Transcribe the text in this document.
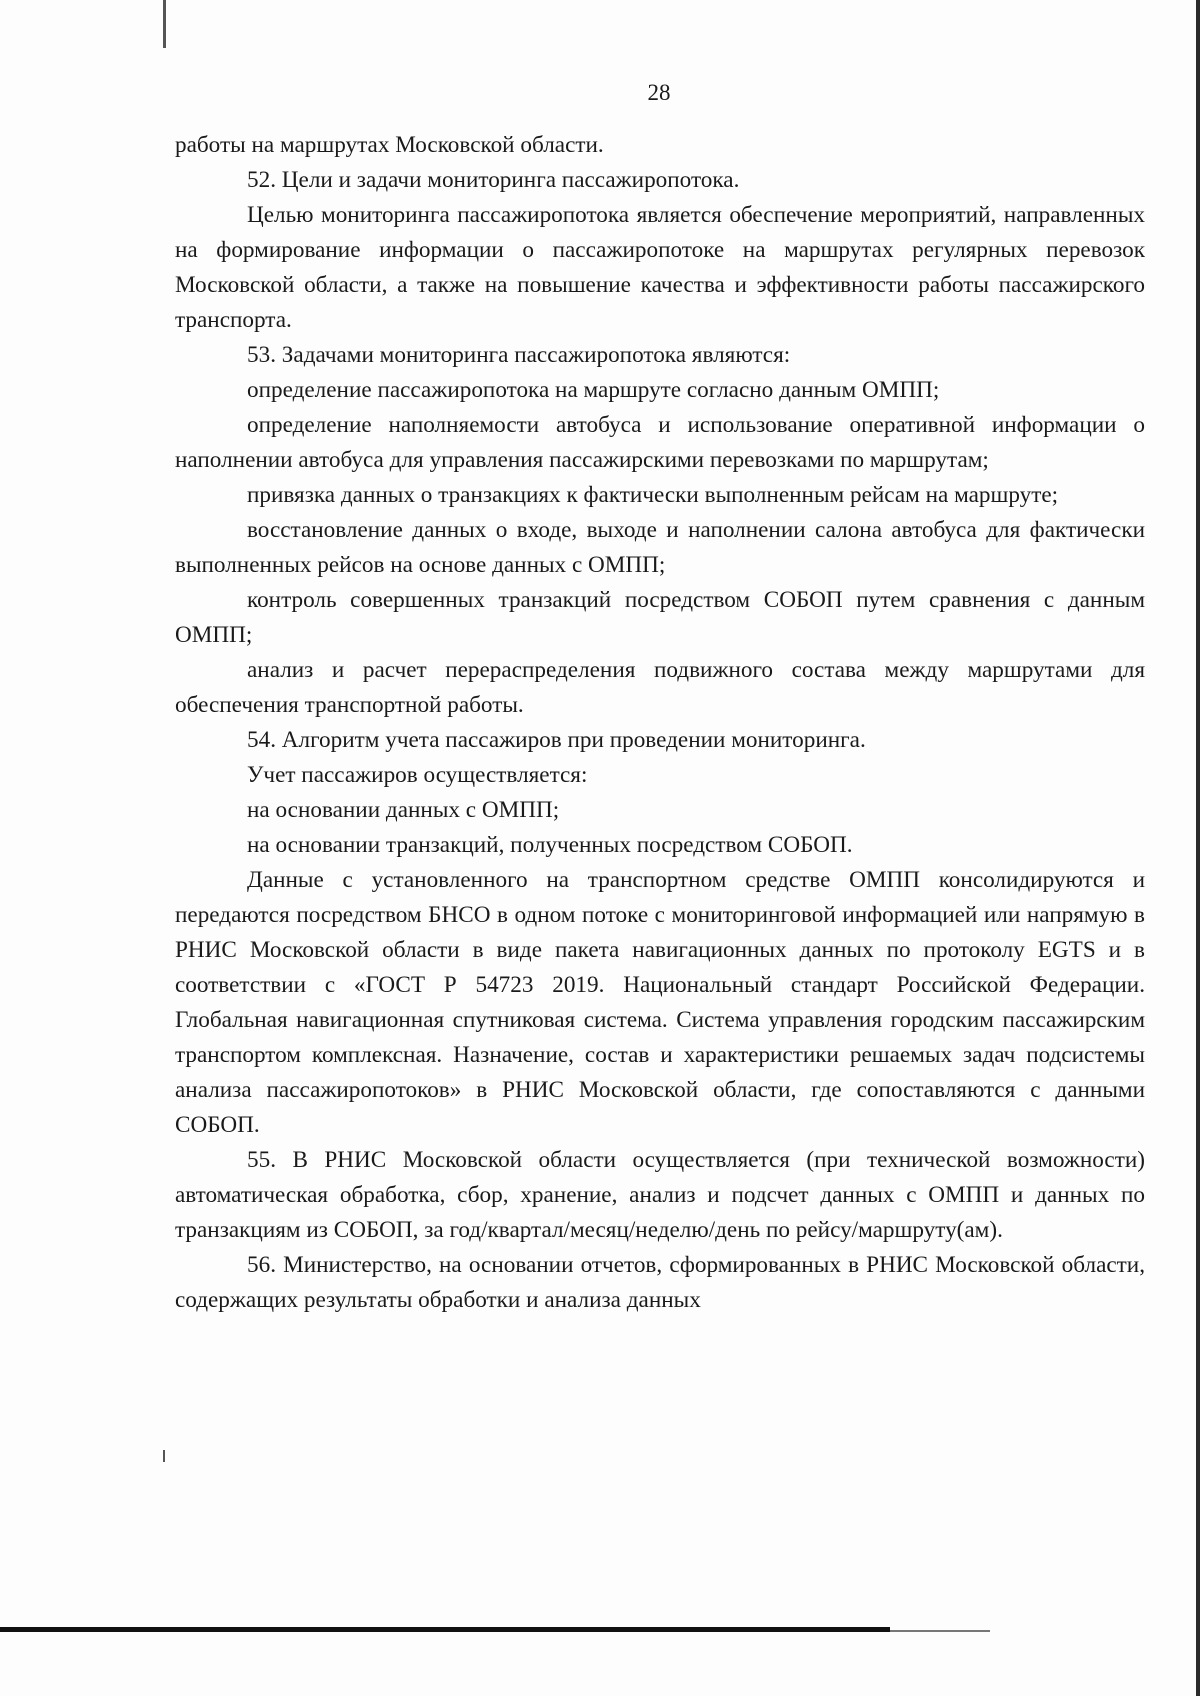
28

работы на маршрутах Московской области.

52. Цели и задачи мониторинга пассажиропотока.

Целью мониторинга пассажиропотока является обеспечение мероприятий, направленных на формирование информации о пассажиропотоке на маршрутах регулярных перевозок Московской области, а также на повышение качества и эффективности работы пассажирского транспорта.

53. Задачами мониторинга пассажиропотока являются:

определение пассажиропотока на маршруте согласно данным ОМПП;

определение наполняемости автобуса и использование оперативной информации о наполнении автобуса для управления пассажирскими перевозками по маршрутам;

привязка данных о транзакциях к фактически выполненным рейсам на маршруте;

восстановление данных о входе, выходе и наполнении салона автобуса для фактически выполненных рейсов на основе данных с ОМПП;

контроль совершенных транзакций посредством СОБОП путем сравнения с данным ОМПП;

анализ и расчет перераспределения подвижного состава между маршрутами для обеспечения транспортной работы.

54. Алгоритм учета пассажиров при проведении мониторинга.

Учет пассажиров осуществляется:

на основании данных с ОМПП;

на основании транзакций, полученных посредством СОБОП.

Данные с установленного на транспортном средстве ОМПП консолидируются и передаются посредством БНСО в одном потоке с мониторинговой информацией или напрямую в РНИС Московской области в виде пакета навигационных данных по протоколу EGTS и в соответствии с «ГОСТ Р 54723 2019. Национальный стандарт Российской Федерации. Глобальная навигационная спутниковая система. Система управления городским пассажирским транспортом комплексная. Назначение, состав и характеристики решаемых задач подсистемы анализа пассажиропотоков» в РНИС Московской области, где сопоставляются с данными СОБОП.

55. В РНИС Московской области осуществляется (при технической возможности) автоматическая обработка, сбор, хранение, анализ и подсчет данных с ОМПП и данных по транзакциям из СОБОП, за год/квартал/месяц/неделю/день по рейсу/маршруту(ам).

56. Министерство, на основании отчетов, сформированных в РНИС Московской области, содержащих результаты обработки и анализа данных
